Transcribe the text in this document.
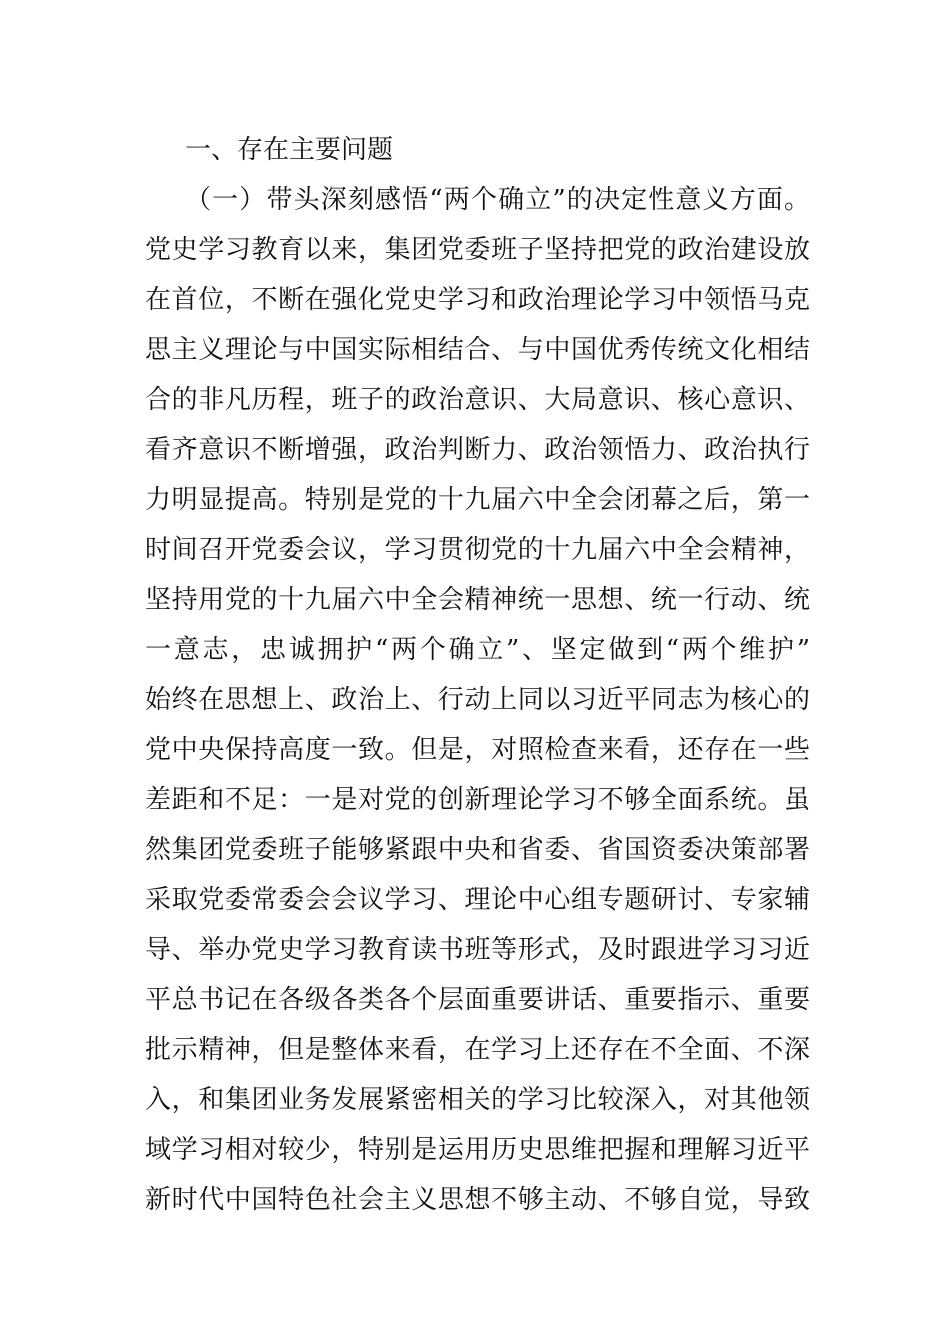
一、存在主要问题
（一）带头深刻感悟“两个确立”的决定性意义方面。
党史学习教育以来，集团党委班子坚持把党的政治建设放
在首位，不断在强化党史学习和政治理论学习中领悟马克
思主义理论与中国实际相结合、与中国优秀传统文化相结
合的非凡历程，班子的政治意识、大局意识、核心意识、
看齐意识不断增强，政治判断力、政治领悟力、政治执行
力明显提高。特别是党的十九届六中全会闭幕之后，第一
时间召开党委会议，学习贯彻党的十九届六中全会精神，
坚持用党的十九届六中全会精神统一思想、统一行动、统
一意志，忠诚拥护“两个确立”、坚定做到“两个维护”
始终在思想上、政治上、行动上同以习近平同志为核心的
党中央保持高度一致。但是，对照检查来看，还存在一些
差距和不足：一是对党的创新理论学习不够全面系统。虽
然集团党委班子能够紧跟中央和省委、省国资委决策部署
采取党委常委会会议学习、理论中心组专题研讨、专家辅
导、举办党史学习教育读书班等形式，及时跟进学习习近
平总书记在各级各类各个层面重要讲话、重要指示、重要
批示精神，但是整体来看，在学习上还存在不全面、不深
入，和集团业务发展紧密相关的学习比较深入，对其他领
域学习相对较少，特别是运用历史思维把握和理解习近平
新时代中国特色社会主义思想不够主动、不够自觉，导致
